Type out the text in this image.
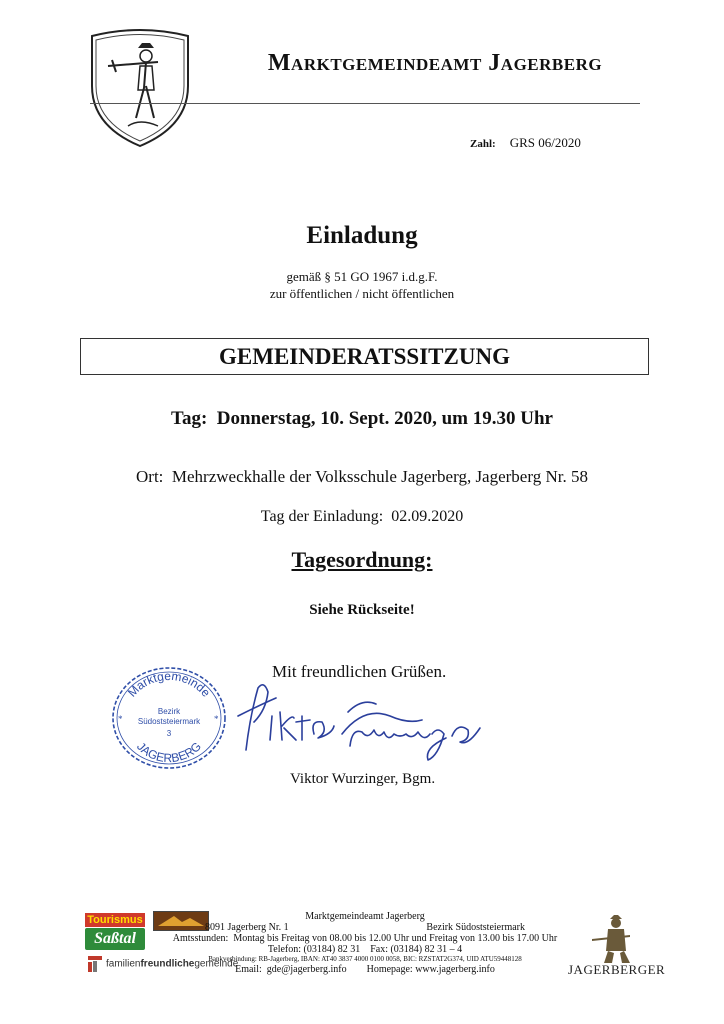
Marktgemeindeamt Jagerberg
Zahl: GRS 06/2020
Einladung
gemäß § 51 GO 1967 i.d.g.F.
zur öffentlichen / nicht öffentlichen
GEMEINDERATSSITZUNG
Tag:  Donnerstag, 10. Sept. 2020, um 19.30 Uhr
Ort:  Mehrzweckhalle der Volksschule Jagerberg, Jagerberg Nr. 58
Tag der Einladung:  02.09.2020
Tagesordnung:
Siehe Rückseite!
Mit freundlichen Grüßen.
Marktgemeinde
JAGERBERG
Bezirk
Südoststeiermark
3
*	*
Viktor Wurzinger, Bgm.
Tourismus
Saßtal
familienfreundlichegemeinde
Marktgemeindeamt Jagerberg
8091 Jagerberg Nr. 1	Bezirk Südoststeiermark
Amtsstunden:  Montag bis Freitag von 08.00 bis 12.00 Uhr und Freitag von 13.00 bis 17.00 Uhr
Telefon: (03184) 82 31    Fax: (03184) 82 31 – 4
Bankverbindung: RB-Jagerberg, IBAN: AT40 3837 4000 0100 0058, BIC: RZSTAT2G374, UID ATU59448128
Email:  gde@jagerberg.info Homepage: www.jagerberg.info	JAGERBERGER
